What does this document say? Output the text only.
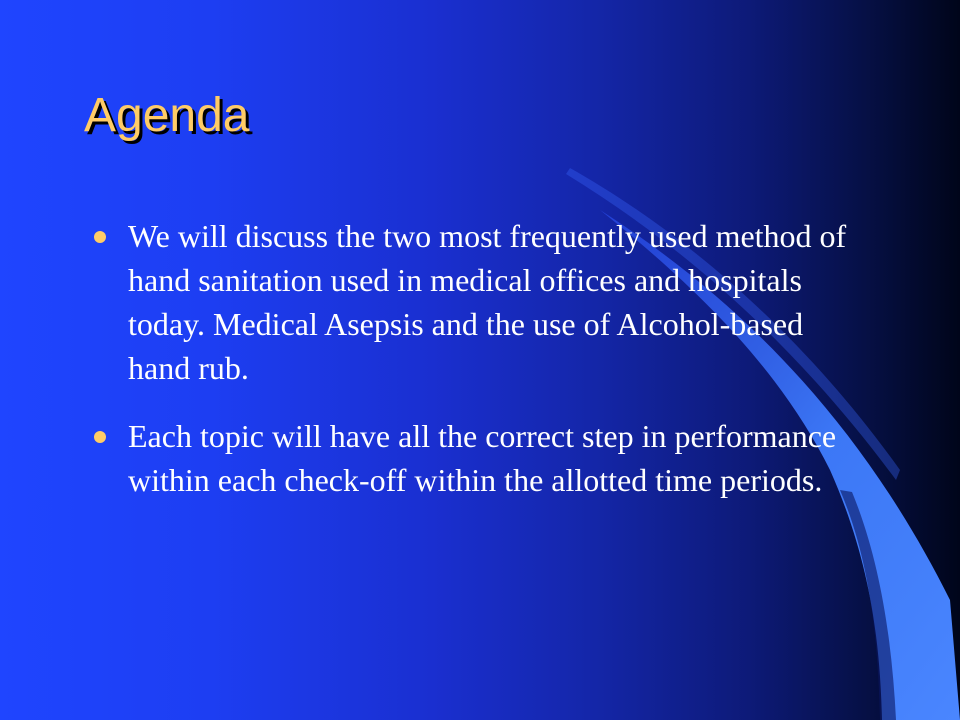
Agenda
We will discuss the two most frequently used method of hand sanitation used in medical offices and hospitals today. Medical Asepsis and the use of Alcohol-based hand rub.
Each topic will have all the correct step in performance within each check-off within the allotted time periods.
